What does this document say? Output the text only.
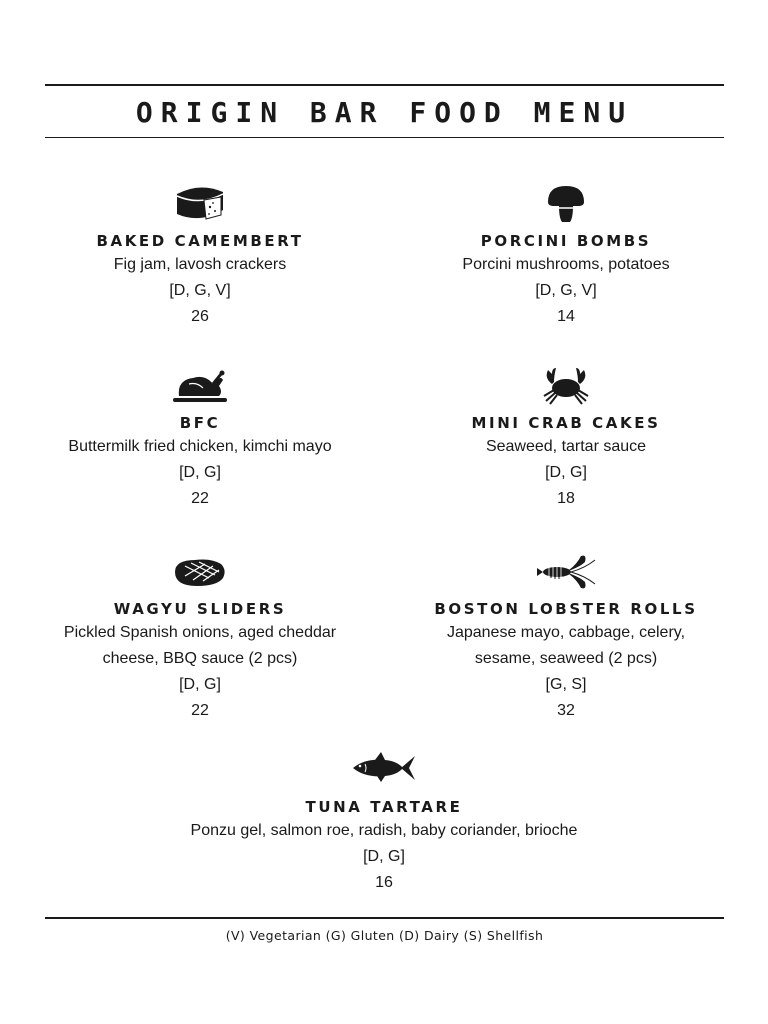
ORIGIN BAR FOOD MENU
BAKED CAMEMBERT
Fig jam, lavosh crackers
[D, G, V]
26
PORCINI BOMBS
Porcini mushrooms, potatoes
[D, G, V]
14
BFC
Buttermilk fried chicken, kimchi mayo
[D, G]
22
MINI CRAB CAKES
Seaweed, tartar sauce
[D, G]
18
WAGYU SLIDERS
Pickled Spanish onions, aged cheddar
cheese, BBQ sauce (2 pcs)
[D, G]
22
BOSTON LOBSTER ROLLS
Japanese mayo, cabbage, celery,
sesame, seaweed (2 pcs)
[G, S]
32
TUNA TARTARE
Ponzu gel, salmon roe, radish, baby coriander, brioche
[D, G]
16
(V) Vegetarian (G) Gluten (D) Dairy (S) Shellfish
